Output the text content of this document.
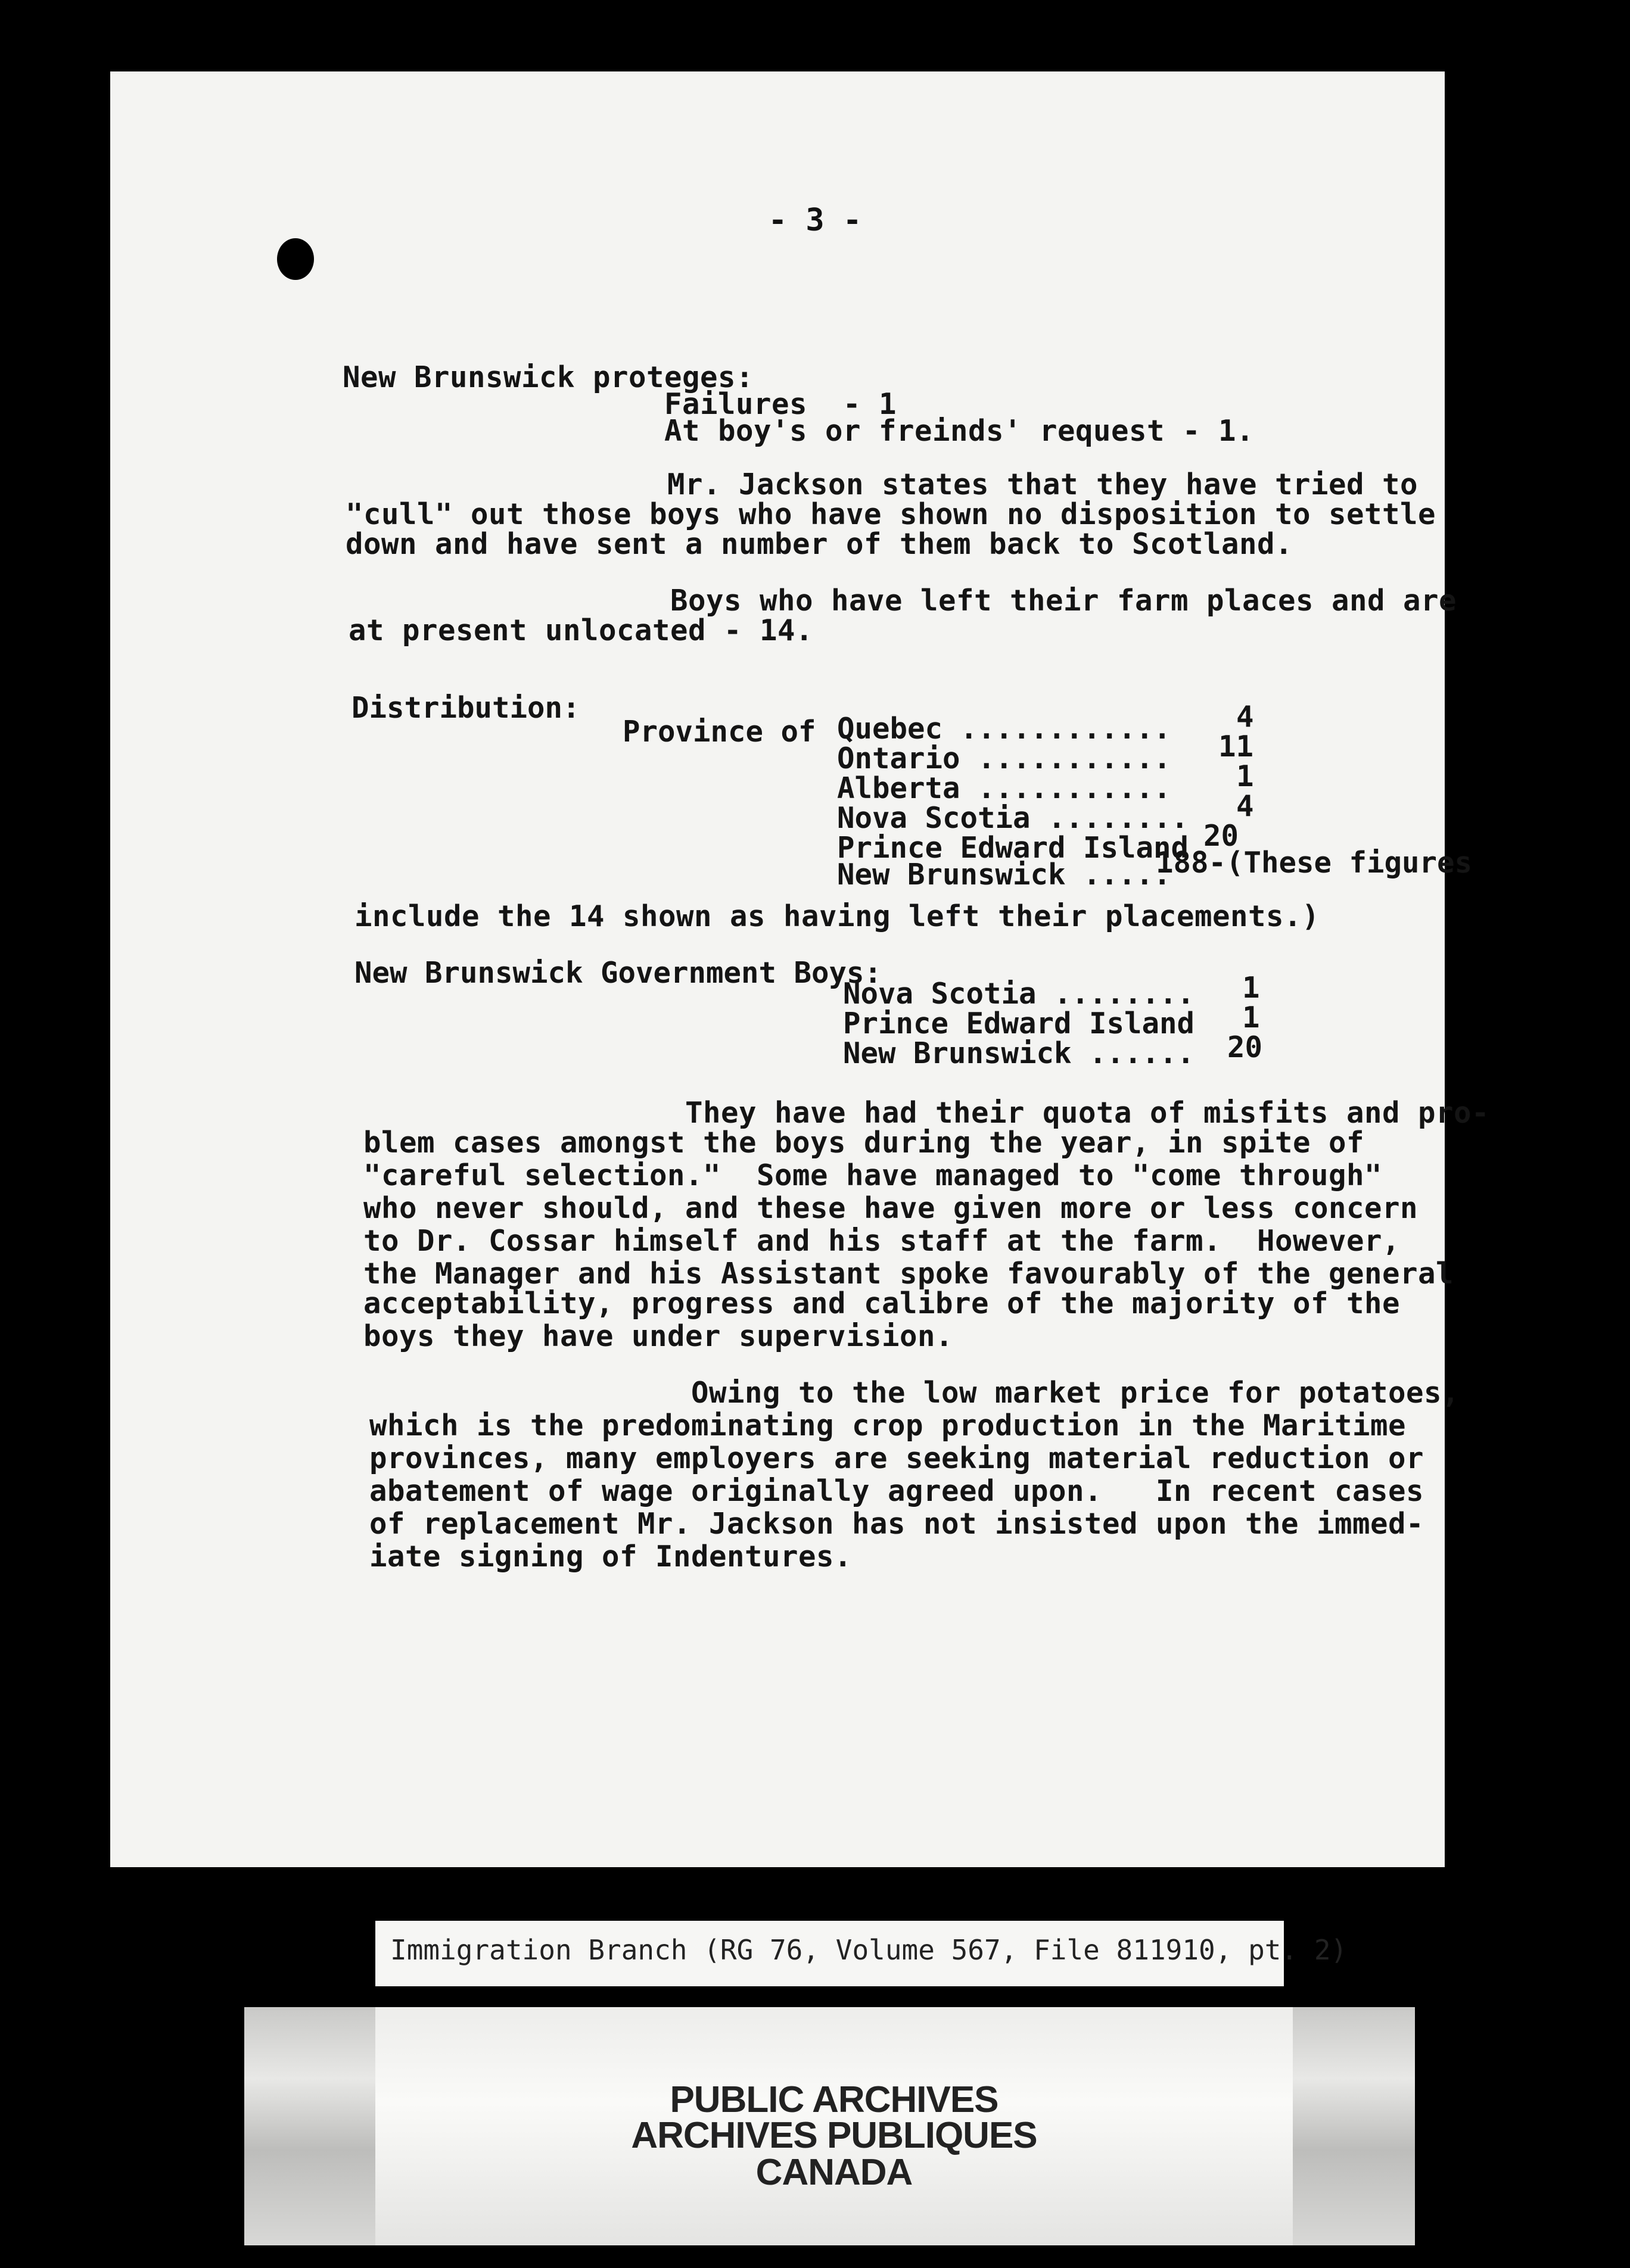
- 3 -
New Brunswick proteges:
Failures  - 1
At boy's or freinds' request - 1.
Mr. Jackson states that they have tried to
"cull" out those boys who have shown no disposition to settle
down and have sent a number of them back to Scotland.
Boys who have left their farm places and are
at present unlocated - 14.
Distribution:
Province of Quebec ............ 4
Ontario ........... 11
Alberta ........... 1
Nova Scotia ........ 4
Prince Edward Island 20
New Brunswick .....
188-(These figures
include the 14 shown as having left their placements.)
New Brunswick Government Boys:
Nova Scotia ........ 1
Prince Edward Island 1
New Brunswick ...... 20
They have had their quota of misfits and pro-
blem cases amongst the boys during the year, in spite of
"careful selection."  Some have managed to "come through"
who never should, and these have given more or less concern
to Dr. Cossar himself and his staff at the farm.  However,
the Manager and his Assistant spoke favourably of the general
acceptability, progress and calibre of the majority of the
boys they have under supervision.
Owing to the low market price for potatoes,
which is the predominating crop production in the Maritime
provinces, many employers are seeking material reduction or
abatement of wage originally agreed upon.   In recent cases
of replacement Mr. Jackson has not insisted upon the immed-
iate signing of Indentures.
Immigration Branch (RG 76, Volume 567, File 811910, pt. 2)
PUBLIC ARCHIVES
ARCHIVES PUBLIQUES
CANADA
